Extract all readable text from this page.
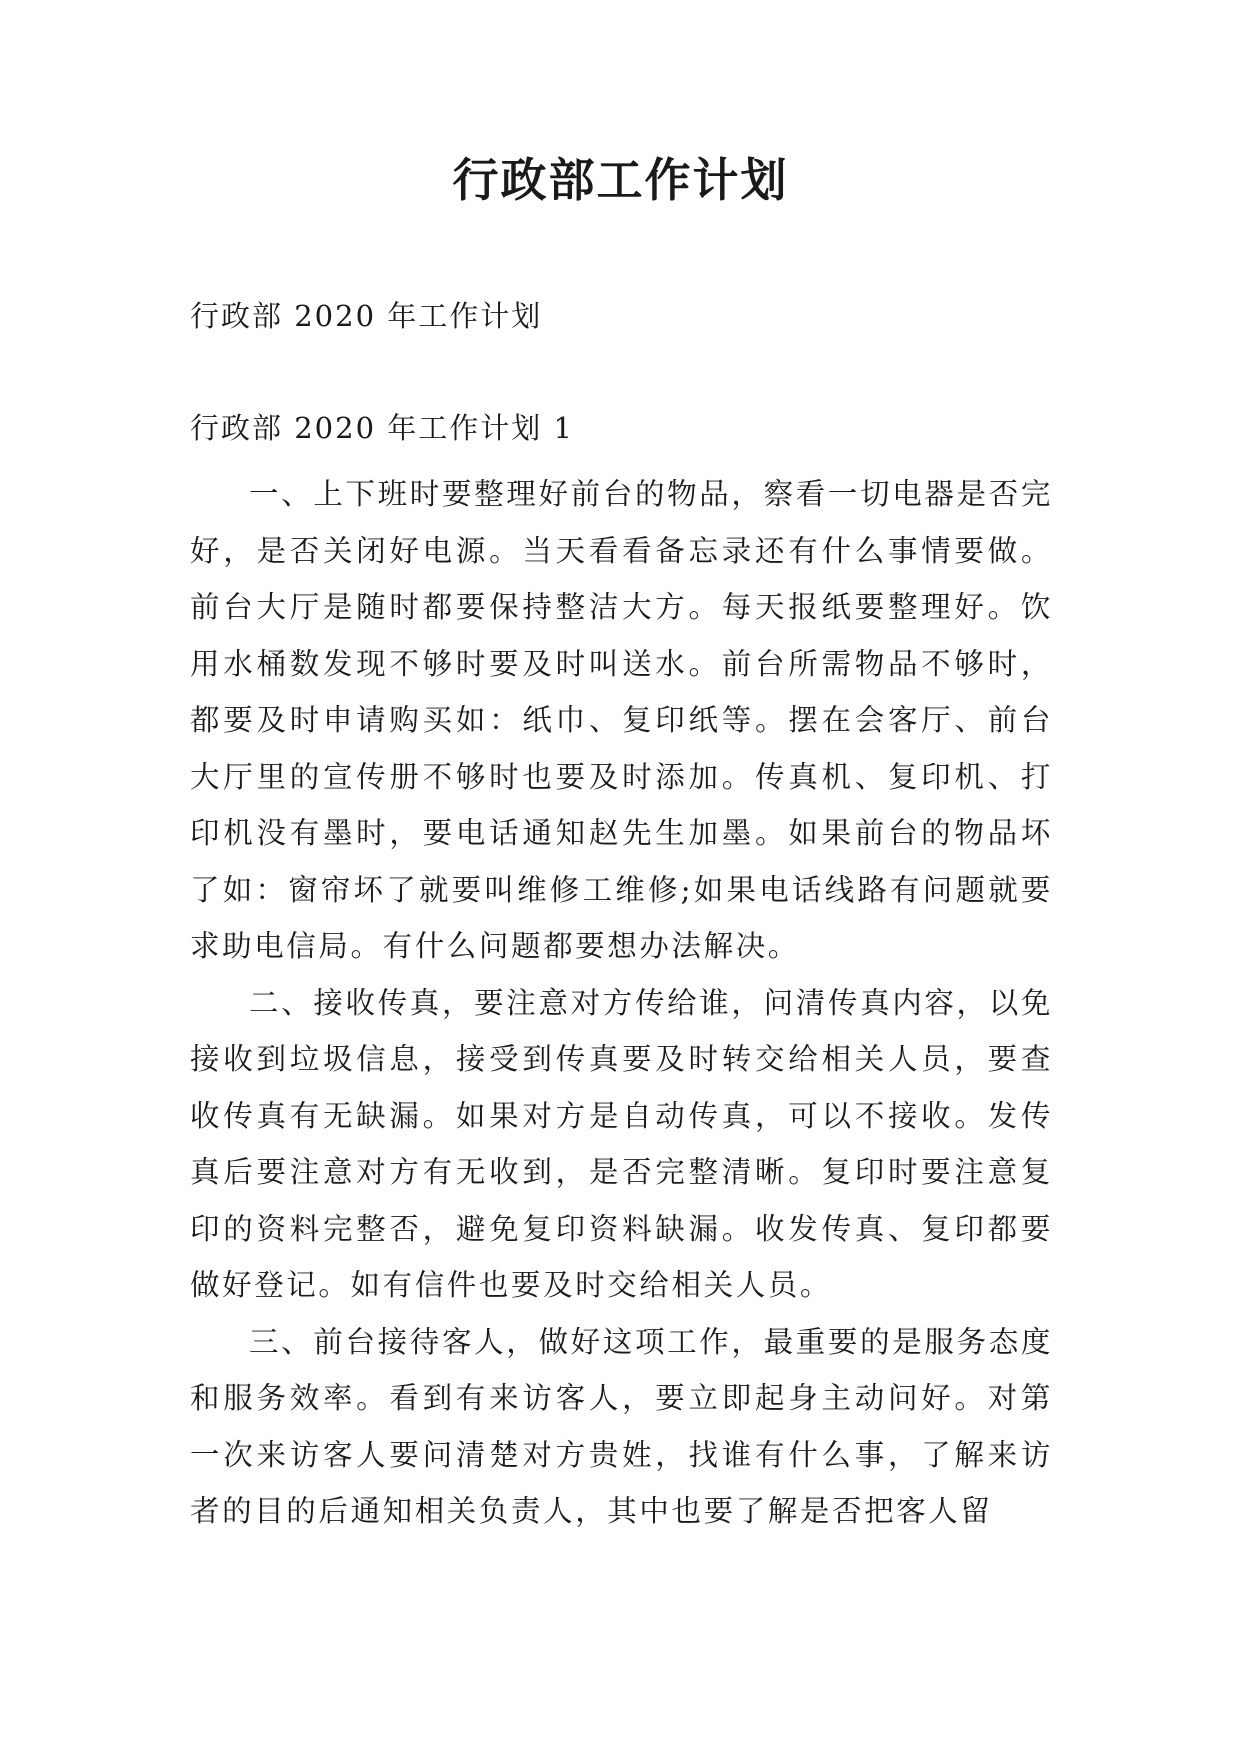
行政部工作计划

行政部 2020 年工作计划

行政部 2020 年工作计划 1

一、上下班时要整理好前台的物品，察看一切电器是否完好，是否关闭好电源。当天看看备忘录还有什么事情要做。前台大厅是随时都要保持整洁大方。每天报纸要整理好。饮用水桶数发现不够时要及时叫送水。前台所需物品不够时，都要及时申请购买如：纸巾、复印纸等。摆在会客厅、前台大厅里的宣传册不够时也要及时添加。传真机、复印机、打印机没有墨时，要电话通知赵先生加墨。如果前台的物品坏了如：窗帘坏了就要叫维修工维修;如果电话线路有问题就要求助电信局。有什么问题都要想办法解决。

二、接收传真，要注意对方传给谁，问清传真内容，以免接收到垃圾信息，接受到传真要及时转交给相关人员，要查收传真有无缺漏。如果对方是自动传真，可以不接收。发传真后要注意对方有无收到，是否完整清晰。复印时要注意复印的资料完整否，避免复印资料缺漏。收发传真、复印都要做好登记。如有信件也要及时交给相关人员。

三、前台接待客人，做好这项工作，最重要的是服务态度和服务效率。看到有来访客人，要立即起身主动问好。对第一次来访客人要问清楚对方贵姓，找谁有什么事，了解来访者的目的后通知相关负责人，其中也要了解是否把客人留
